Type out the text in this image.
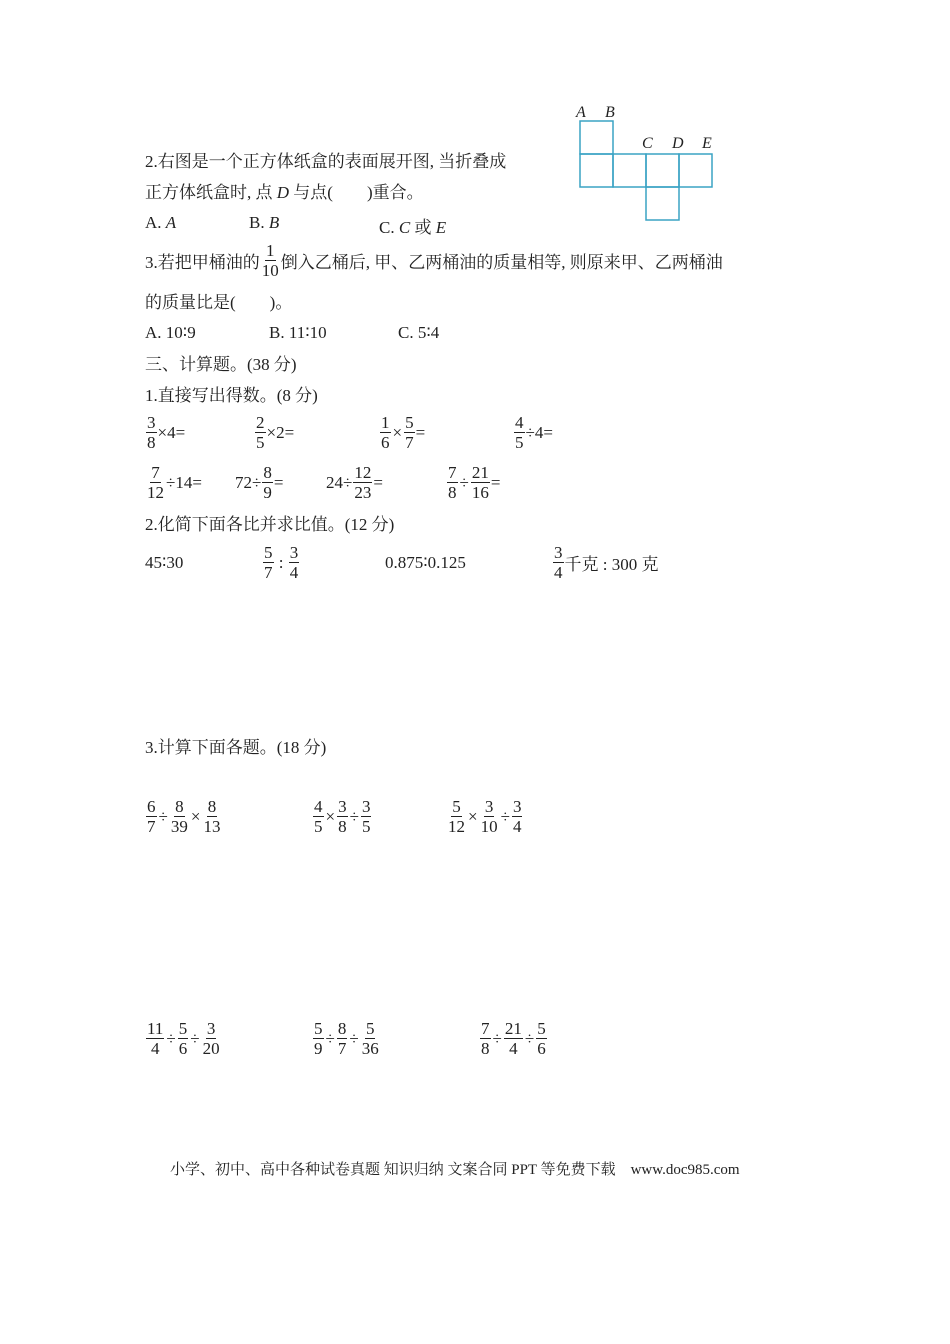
A B
C D E
2.右图是一个正方体纸盒的表面展开图, 当折叠成
正方体纸盒时, 点 D 与点(　　)重合。
A. A	B. B	C. C 或 E
3.若把甲桶油的 $\frac{1}{10}$ 倒入乙桶后, 甲、乙两桶油的质量相等, 则原来甲、乙两桶油
的质量比是(　　)。
A. 10∶9	B. 11∶10	C. 5∶4
三、计算题。(38 分)
1.直接写出得数。(8 分)
$\frac{3}{8} \times 4=$	$\frac{2}{5} \times 2=$	$\frac{1}{6} \times \frac{5}{7}$ =	$\frac{4}{5} \div 4=$
$\frac{7}{12} \div 14= 72\div \frac{8}{9}$ =	$24\div \frac{12}{23}$ =	$\frac{7}{8} \div \frac{21}{16}$ =
2.化简下面各比并求比值。(12 分)
45∶30	$\frac{5}{7}$ : $\frac{3}{4}$	0.875∶0.125	$\frac{3}{4}$ 千克 : 300 克
3.计算下面各题。(18 分)
$\frac{6}{7} \div \frac{8}{39} \times \frac{8}{13}$	$\frac{4}{5} \times \frac{3}{8} \div \frac{3}{5}$	$\frac{5}{12} \times \frac{3}{10} \div \frac{3}{4}$
$\frac{11}{4} \div \frac{5}{6} \div \frac{3}{20}$	$\frac{5}{9} \div \frac{8}{7} \div \frac{5}{36}$	$\frac{7}{8} \div \frac{21}{4} \div \frac{5}{6}$
小学、初中、高中各种试卷真题 知识归纳 文案合同 PPT 等免费下载　www.doc985.com
